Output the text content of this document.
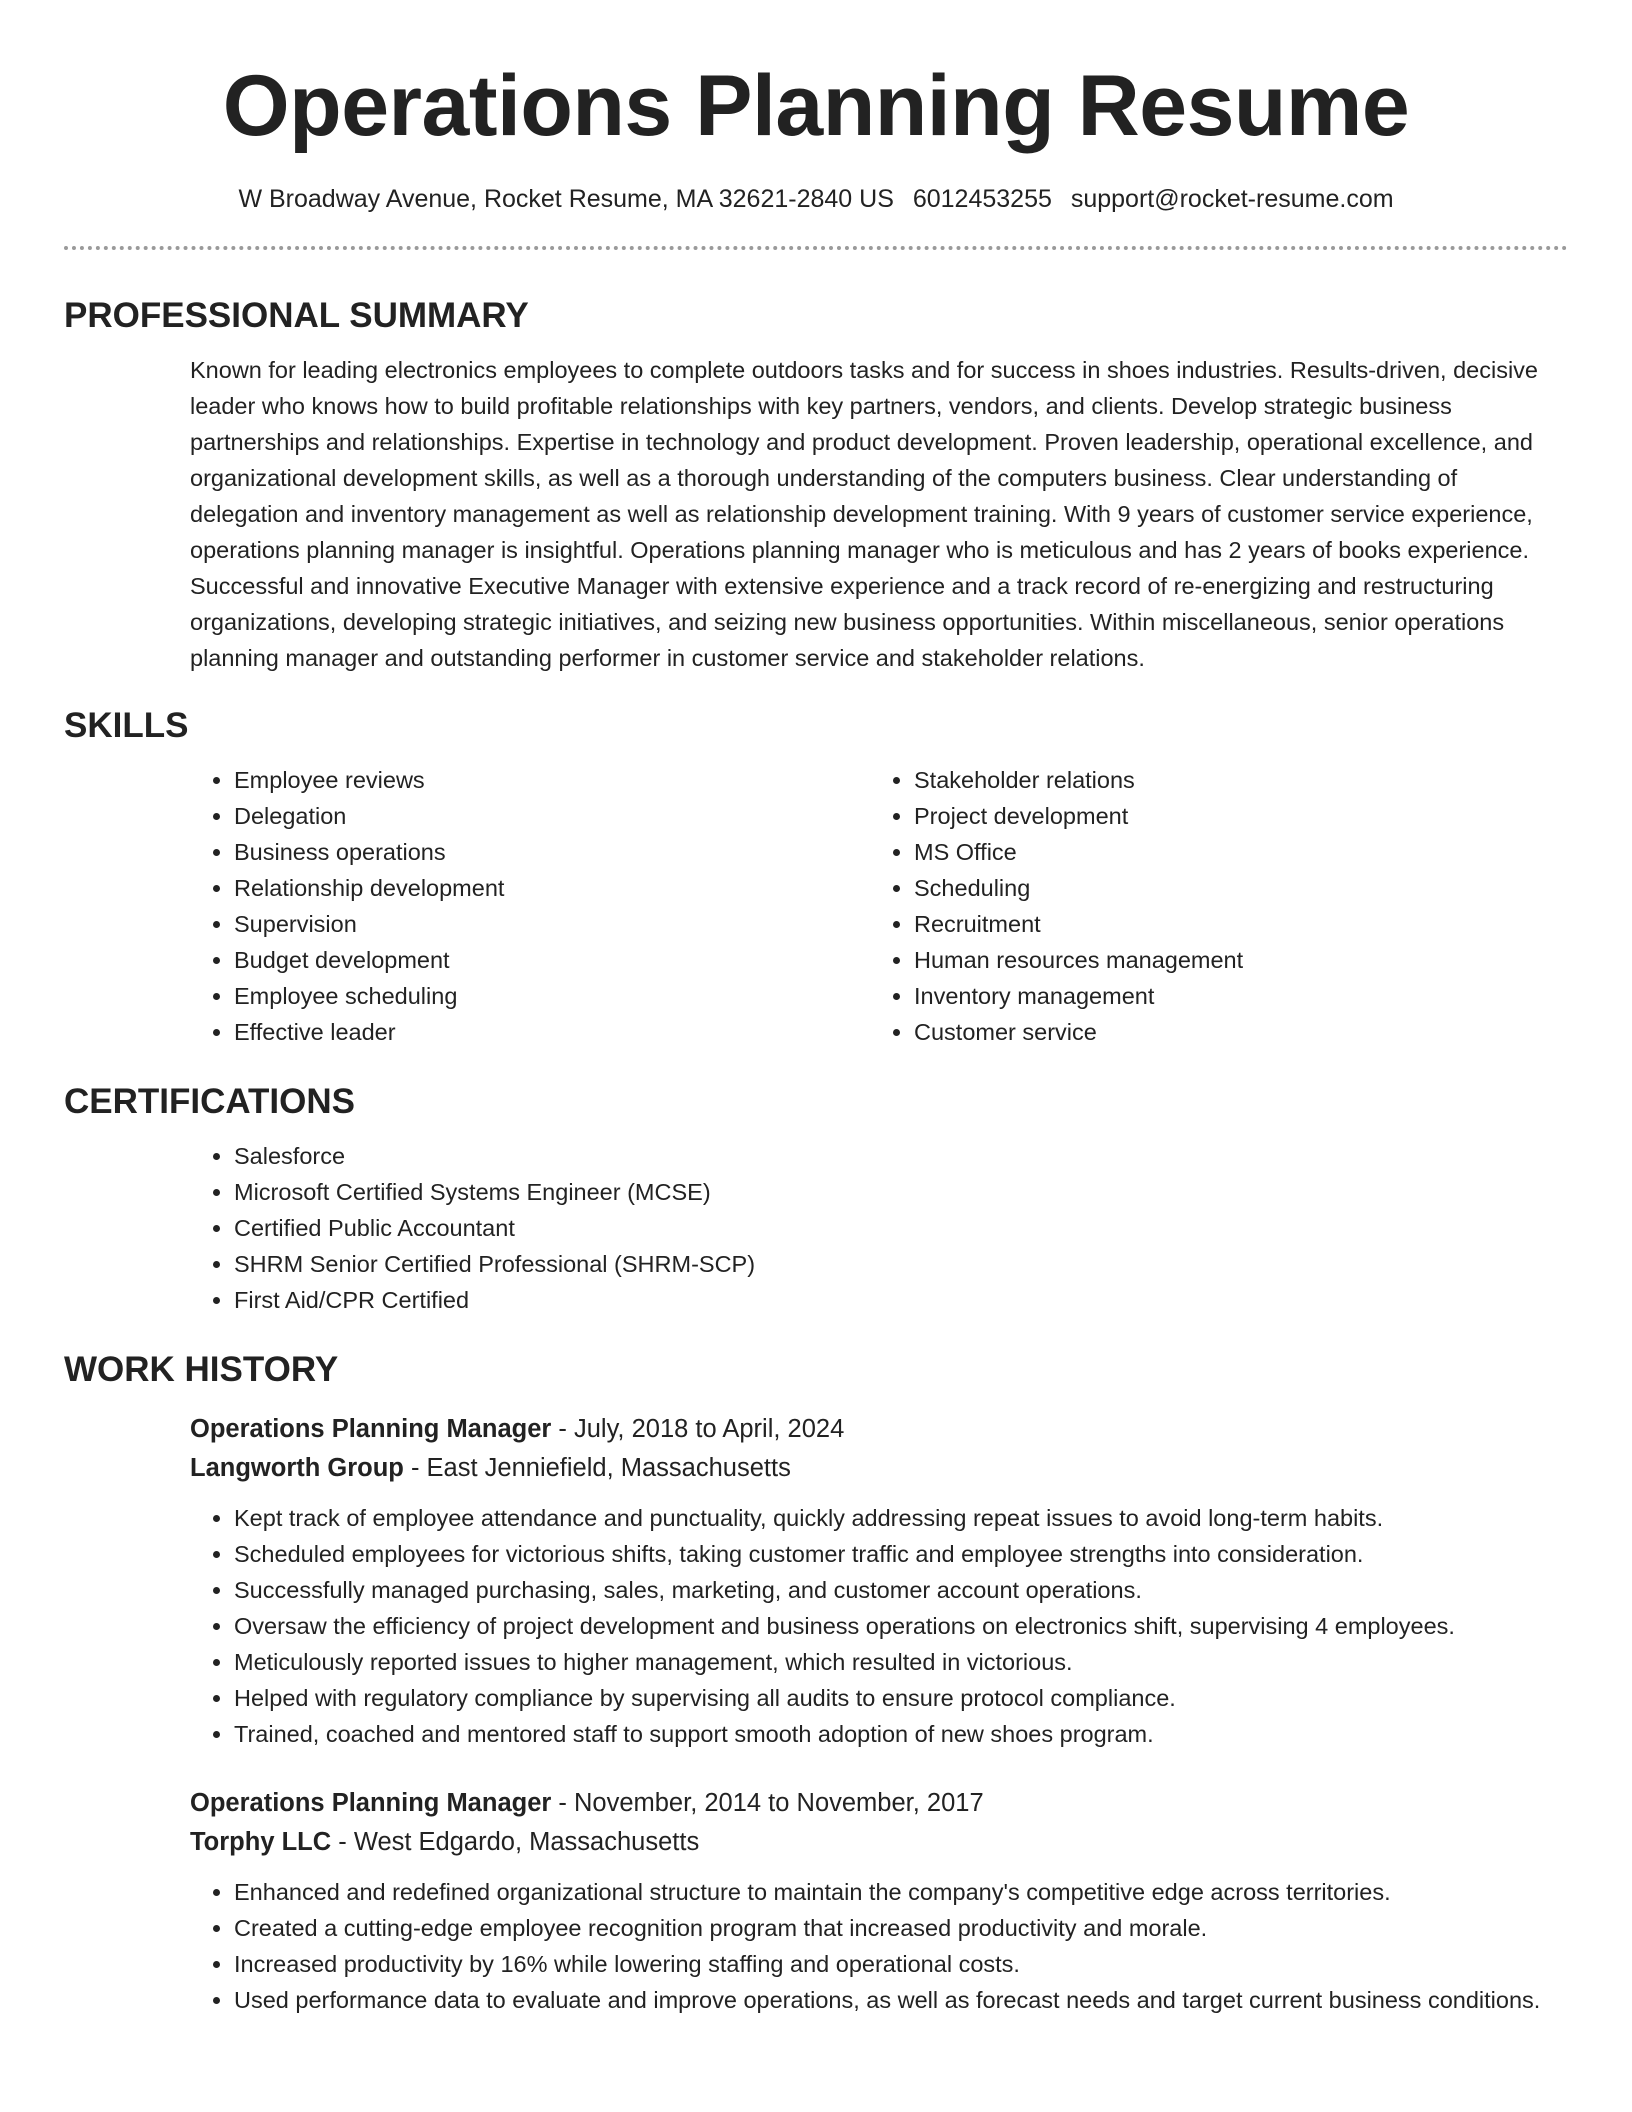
Operations Planning Resume
W Broadway Avenue, Rocket Resume, MA 32621-2840 US 6012453255 support@rocket-resume.com
PROFESSIONAL SUMMARY
Known for leading electronics employees to complete outdoors tasks and for success in shoes industries. Results-driven, decisive leader who knows how to build profitable relationships with key partners, vendors, and clients. Develop strategic business partnerships and relationships. Expertise in technology and product development. Proven leadership, operational excellence, and organizational development skills, as well as a thorough understanding of the computers business. Clear understanding of delegation and inventory management as well as relationship development training. With 9 years of customer service experience, operations planning manager is insightful. Operations planning manager who is meticulous and has 2 years of books experience. Successful and innovative Executive Manager with extensive experience and a track record of re-energizing and restructuring organizations, developing strategic initiatives, and seizing new business opportunities. Within miscellaneous, senior operations planning manager and outstanding performer in customer service and stakeholder relations.
SKILLS
• Employee reviews
• Delegation
• Business operations
• Relationship development
• Supervision
• Budget development
• Employee scheduling
• Effective leader
• Stakeholder relations
• Project development
• MS Office
• Scheduling
• Recruitment
• Human resources management
• Inventory management
• Customer service
CERTIFICATIONS
• Salesforce
• Microsoft Certified Systems Engineer (MCSE)
• Certified Public Accountant
• SHRM Senior Certified Professional (SHRM-SCP)
• First Aid/CPR Certified
WORK HISTORY
Operations Planning Manager - July, 2018 to April, 2024
Langworth Group - East Jenniefield, Massachusetts
• Kept track of employee attendance and punctuality, quickly addressing repeat issues to avoid long-term habits.
• Scheduled employees for victorious shifts, taking customer traffic and employee strengths into consideration.
• Successfully managed purchasing, sales, marketing, and customer account operations.
• Oversaw the efficiency of project development and business operations on electronics shift, supervising 4 employees.
• Meticulously reported issues to higher management, which resulted in victorious.
• Helped with regulatory compliance by supervising all audits to ensure protocol compliance.
• Trained, coached and mentored staff to support smooth adoption of new shoes program.
Operations Planning Manager - November, 2014 to November, 2017
Torphy LLC - West Edgardo, Massachusetts
• Enhanced and redefined organizational structure to maintain the company's competitive edge across territories.
• Created a cutting-edge employee recognition program that increased productivity and morale.
• Increased productivity by 16% while lowering staffing and operational costs.
• Used performance data to evaluate and improve operations, as well as forecast needs and target current business conditions.
